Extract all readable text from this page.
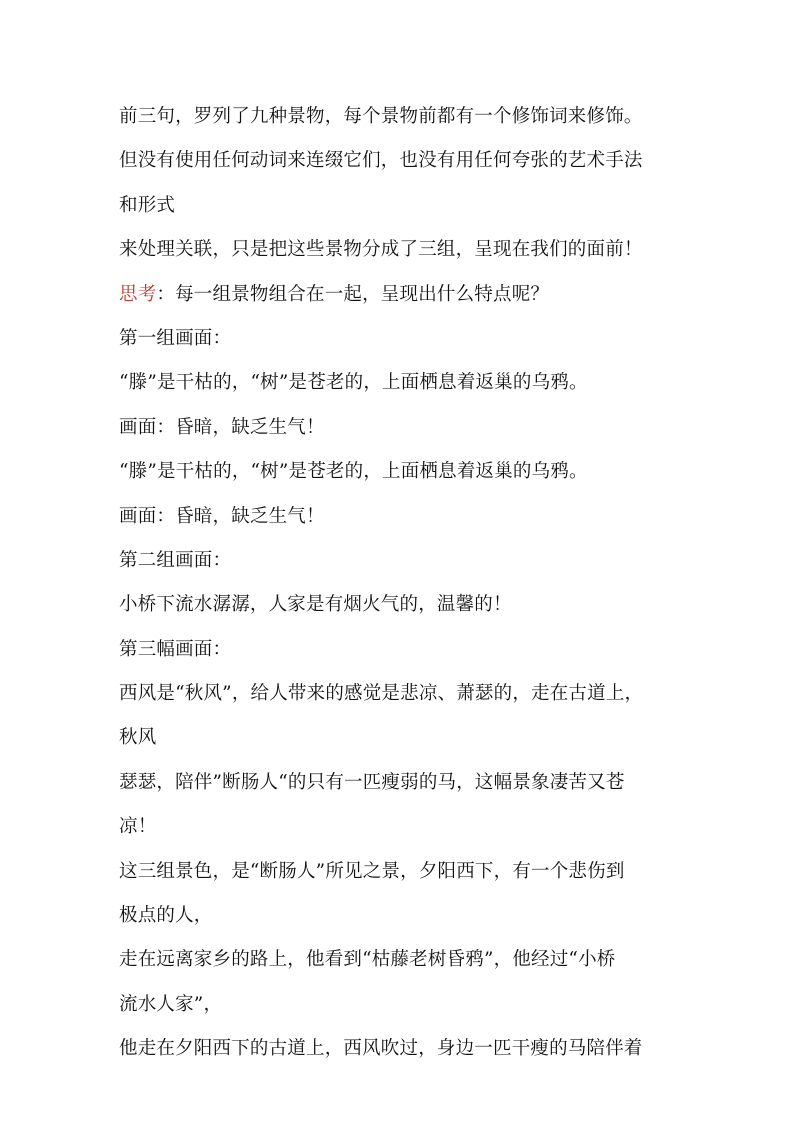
前三句，罗列了九种景物，每个景物前都有一个修饰词来修饰。
但没有使用任何动词来连缀它们，也没有用任何夸张的艺术手法
和形式
来处理关联，只是把这些景物分成了三组，呈现在我们的面前！
思考：每一组景物组合在一起，呈现出什么特点呢？
第一组画面：
“滕”是干枯的，“树”是苍老的，上面栖息着返巢的乌鸦。
画面：昏暗，缺乏生气！
“滕”是干枯的，“树”是苍老的，上面栖息着返巢的乌鸦。
画面：昏暗，缺乏生气！
第二组画面：
小桥下流水潺潺，人家是有烟火气的，温馨的！
第三幅画面：
西风是“秋风”，给人带来的感觉是悲凉、萧瑟的，走在古道上，
秋风
瑟瑟，陪伴”断肠人“的只有一匹瘦弱的马，这幅景象凄苦又苍
凉！
这三组景色，是“断肠人”所见之景，夕阳西下，有一个悲伤到
极点的人，
走在远离家乡的路上，他看到“枯藤老树昏鸦”，他经过“小桥
流水人家”，
他走在夕阳西下的古道上，西风吹过，身边一匹干瘦的马陪伴着
